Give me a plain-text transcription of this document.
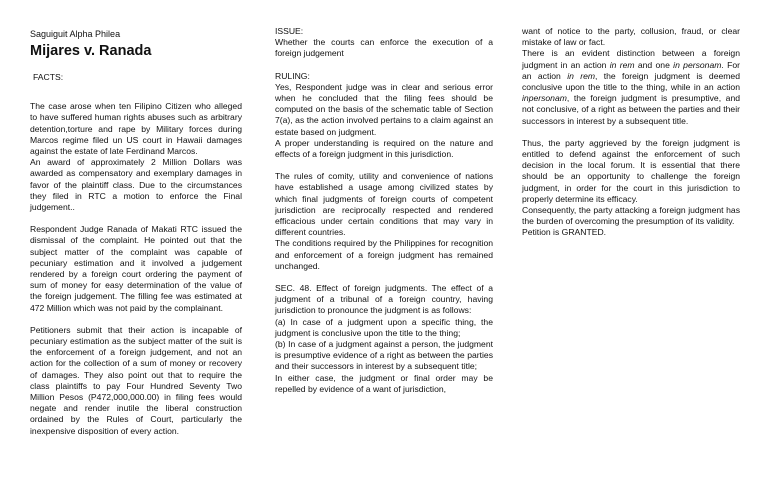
Saguiguit Alpha Philea
Mijares v. Ranada
FACTS:

The case arose when ten Filipino Citizen who alleged to have suffered human rights abuses such as arbitrary detention,torture and rape by Military forces during Marcos regime filed un US court in Hawaii damages against the estate of late Ferdinand Marcos.

An award of approximately 2 Million Dollars was awarded as compensatory and exemplary damages in favor of the plaintiff class. Due to the circumstances they filed in RTC a motion to enforce the Final judgement..

Respondent Judge Ranada of Makati RTC issued the dismissal of the complaint. He pointed out that the subject matter of the complaint was capable of pecuniary estimation and it involved a judgement rendered by a foreign court ordering the payment of sum of money for easy determination of the value of the foreign judgement. The filling fee was estimated at 472 Million which was not paid by the complainant.

Petitioners submit that their action is incapable of pecuniary estimation as the subject matter of the suit is the enforcement of a foreign judgement, and not an action for the collection of a sum of money or recovery of damages. They also point out that to require the class plaintiffs to pay Four Hundred Seventy Two Million Pesos (P472,000,000.00) in filing fees would negate and render inutile the liberal construction ordained by the Rules of Court, particularly the inexpensive disposition of every action.

ISSUE:

Whether the courts can enforce the execution of a foreign judgement

RULING:

Yes, Respondent judge was in clear and serious error when he concluded that the filing fees should be computed on the basis of the schematic table of Section 7(a), as the action involved pertains to a claim against an estate based on judgment.

A proper understanding is required on the nature and effects of a foreign judgment in this jurisdiction.

The rules of comity, utility and convenience of nations have established a usage among civilized states by which final judgments of foreign courts of competent jurisdiction are reciprocally respected and rendered efficacious under certain conditions that may vary in different countries.

The conditions required by the Philippines for recognition and enforcement of a foreign judgment has remained unchanged.

SEC. 48. Effect of foreign judgments. The effect of a judgment of a tribunal of a foreign country, having jurisdiction to pronounce the judgment is as follows:

(a) In case of a judgment upon a specific thing, the judgment is conclusive upon the title to the thing;

(b) In case of a judgment against a person, the judgment is presumptive evidence of a right as between the parties and their successors in interest by a subsequent title;

In either case, the judgment or final order may be repelled by evidence of a want of jurisdiction,

want of notice to the party, collusion, fraud, or clear mistake of law or fact.

There is an evident distinction between a foreign judgment in an action in rem and one in personam. For an action in rem, the foreign judgment is deemed conclusive upon the title to the thing, while in an action inpersonam, the foreign judgment is presumptive, and not conclusive, of a right as between the parties and their successors in interest by a subsequent title.

Thus, the party aggrieved by the foreign judgment is entitled to defend against the enforcement of such decision in the local forum. It is essential that there should be an opportunity to challenge the foreign judgment, in order for the court in this jurisdiction to properly determine its efficacy.

Consequently, the party attacking a foreign judgment has the burden of overcoming the presumption of its validity.

Petition is GRANTED.
